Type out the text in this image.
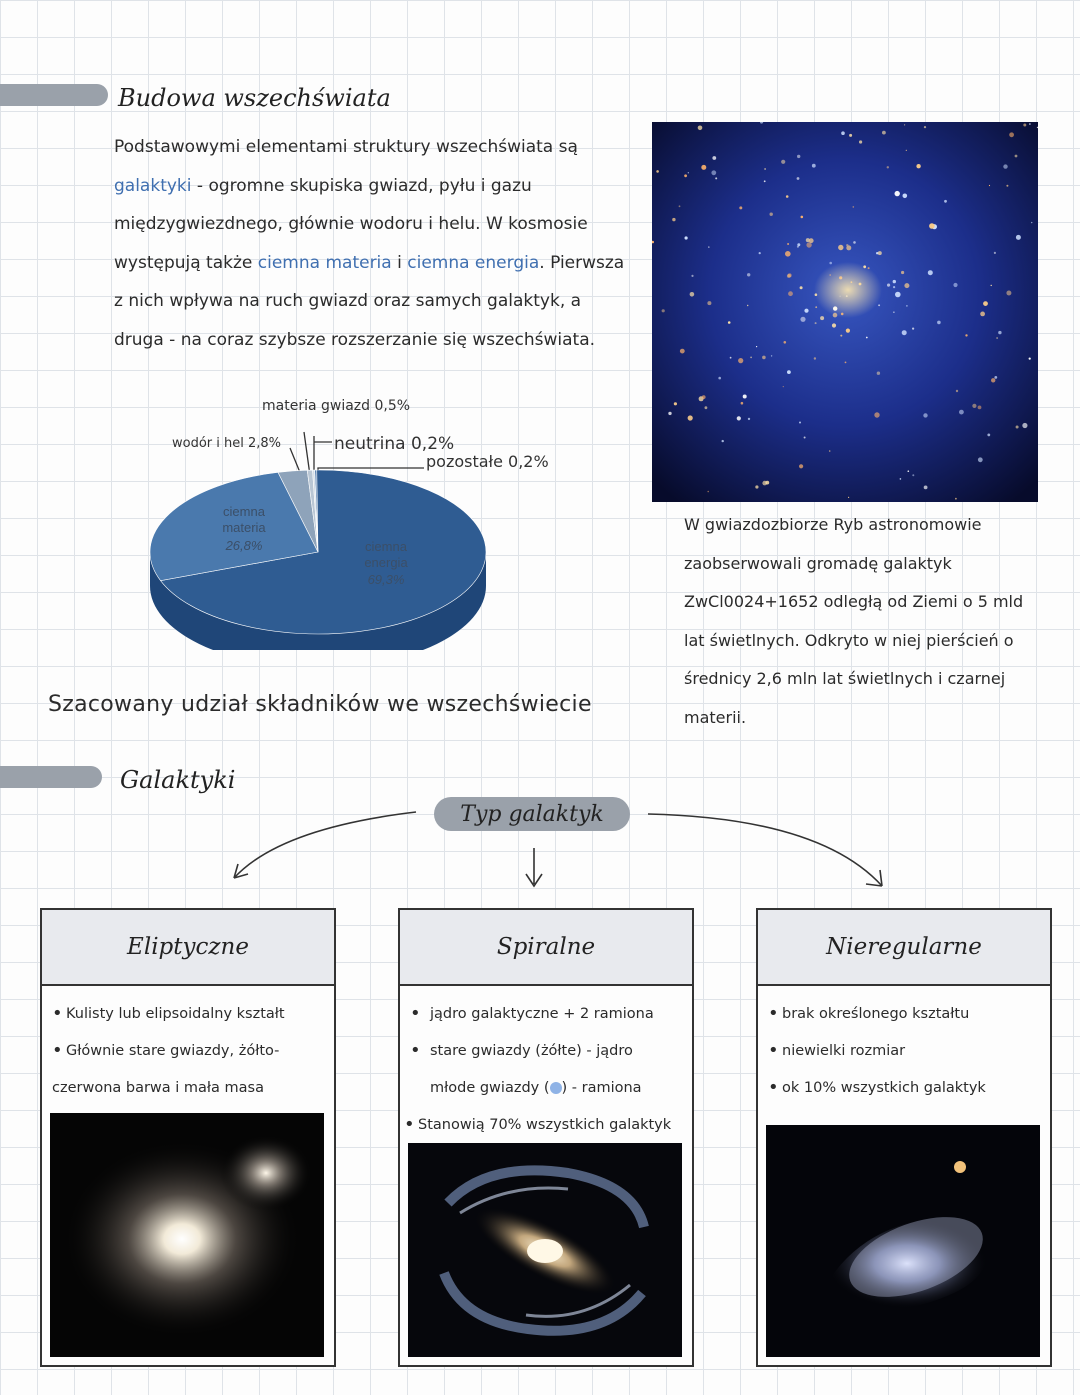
Budowa wszechświata
Podstawowymi elementami struktury wszechświata są galaktyki - ogromne skupiska gwiazd, pyłu i gazu międzygwiezdnego, głównie wodoru i helu. W kosmosie występują także ciemna materia i ciemna energia. Pierwsza z nich wpływa na ruch gwiazd oraz samych galaktyk, a druga - na coraz szybsze rozszerzanie się wszechświata.
materia gwiazd 0,5%
wodór i hel 2,8%	neutrina 0,2%
pozostałe 0,2%
ciemna
materia
26,8%	ciemna
energia
69,3%
Szacowany udział składników we wszechświecie
W gwiazdozbiorze Ryb astronomowie zaobserwowali gromadę galaktyk ZwCl0024+1652 odległą od Ziemi o 5 mld lat świetlnych. Odkryto w niej pierścień o średnicy 2,6 mln lat świetlnych i czarnej materii.
Galaktyki
Typ galaktyk
Eliptyczne
• Kulisty lub elipsoidalny kształt
• Głównie stare gwiazdy, żółto-
czerwona barwa i mała masa
Spiralne
• jądro galaktyczne + 2 ramiona
• stare gwiazdy (żółte) - jądro
młode gwiazdy ( ) - ramiona
• Stanowią 70% wszystkich galaktyk
Nieregularne
• brak określonego kształtu
• niewielki rozmiar
• ok 10% wszystkich galaktyk
